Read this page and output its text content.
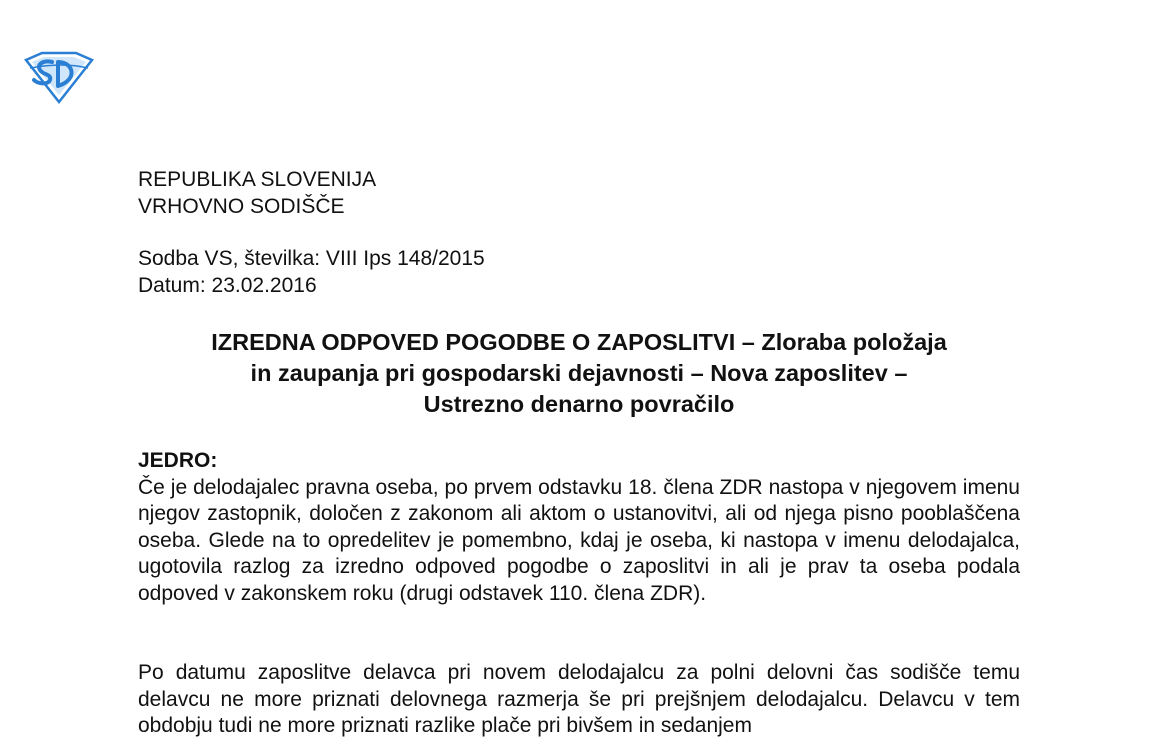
REPUBLIKA SLOVENIJA
VRHOVNO SODIŠČE
Sodba VS, številka: VIII Ips 148/2015
Datum: 23.02.2016
IZREDNA ODPOVED POGODBE O ZAPOSLITVI – Zloraba položaja
in zaupanja pri gospodarski dejavnosti – Nova zaposlitev –
Ustrezno denarno povračilo
JEDRO:

Če je delodajalec pravna oseba, po prvem odstavku 18. člena ZDR nastopa v njegovem imenu njegov zastopnik, določen z zakonom ali aktom o ustanovitvi, ali od njega pisno pooblaščena oseba. Glede na to opredelitev je pomembno, kdaj je oseba, ki nastopa v imenu delodajalca, ugotovila razlog za izredno odpoved pogodbe o zaposlitvi in ali je prav ta oseba podala odpoved v zakonskem roku (drugi odstavek 110. člena ZDR).

Po datumu zaposlitve delavca pri novem delodajalcu za polni delovni čas sodišče temu delavcu ne more priznati delovnega razmerja še pri prejšnjem delodajalcu. Delavcu v tem obdobju tudi ne more priznati razlike plače pri bivšem in sedanjem
